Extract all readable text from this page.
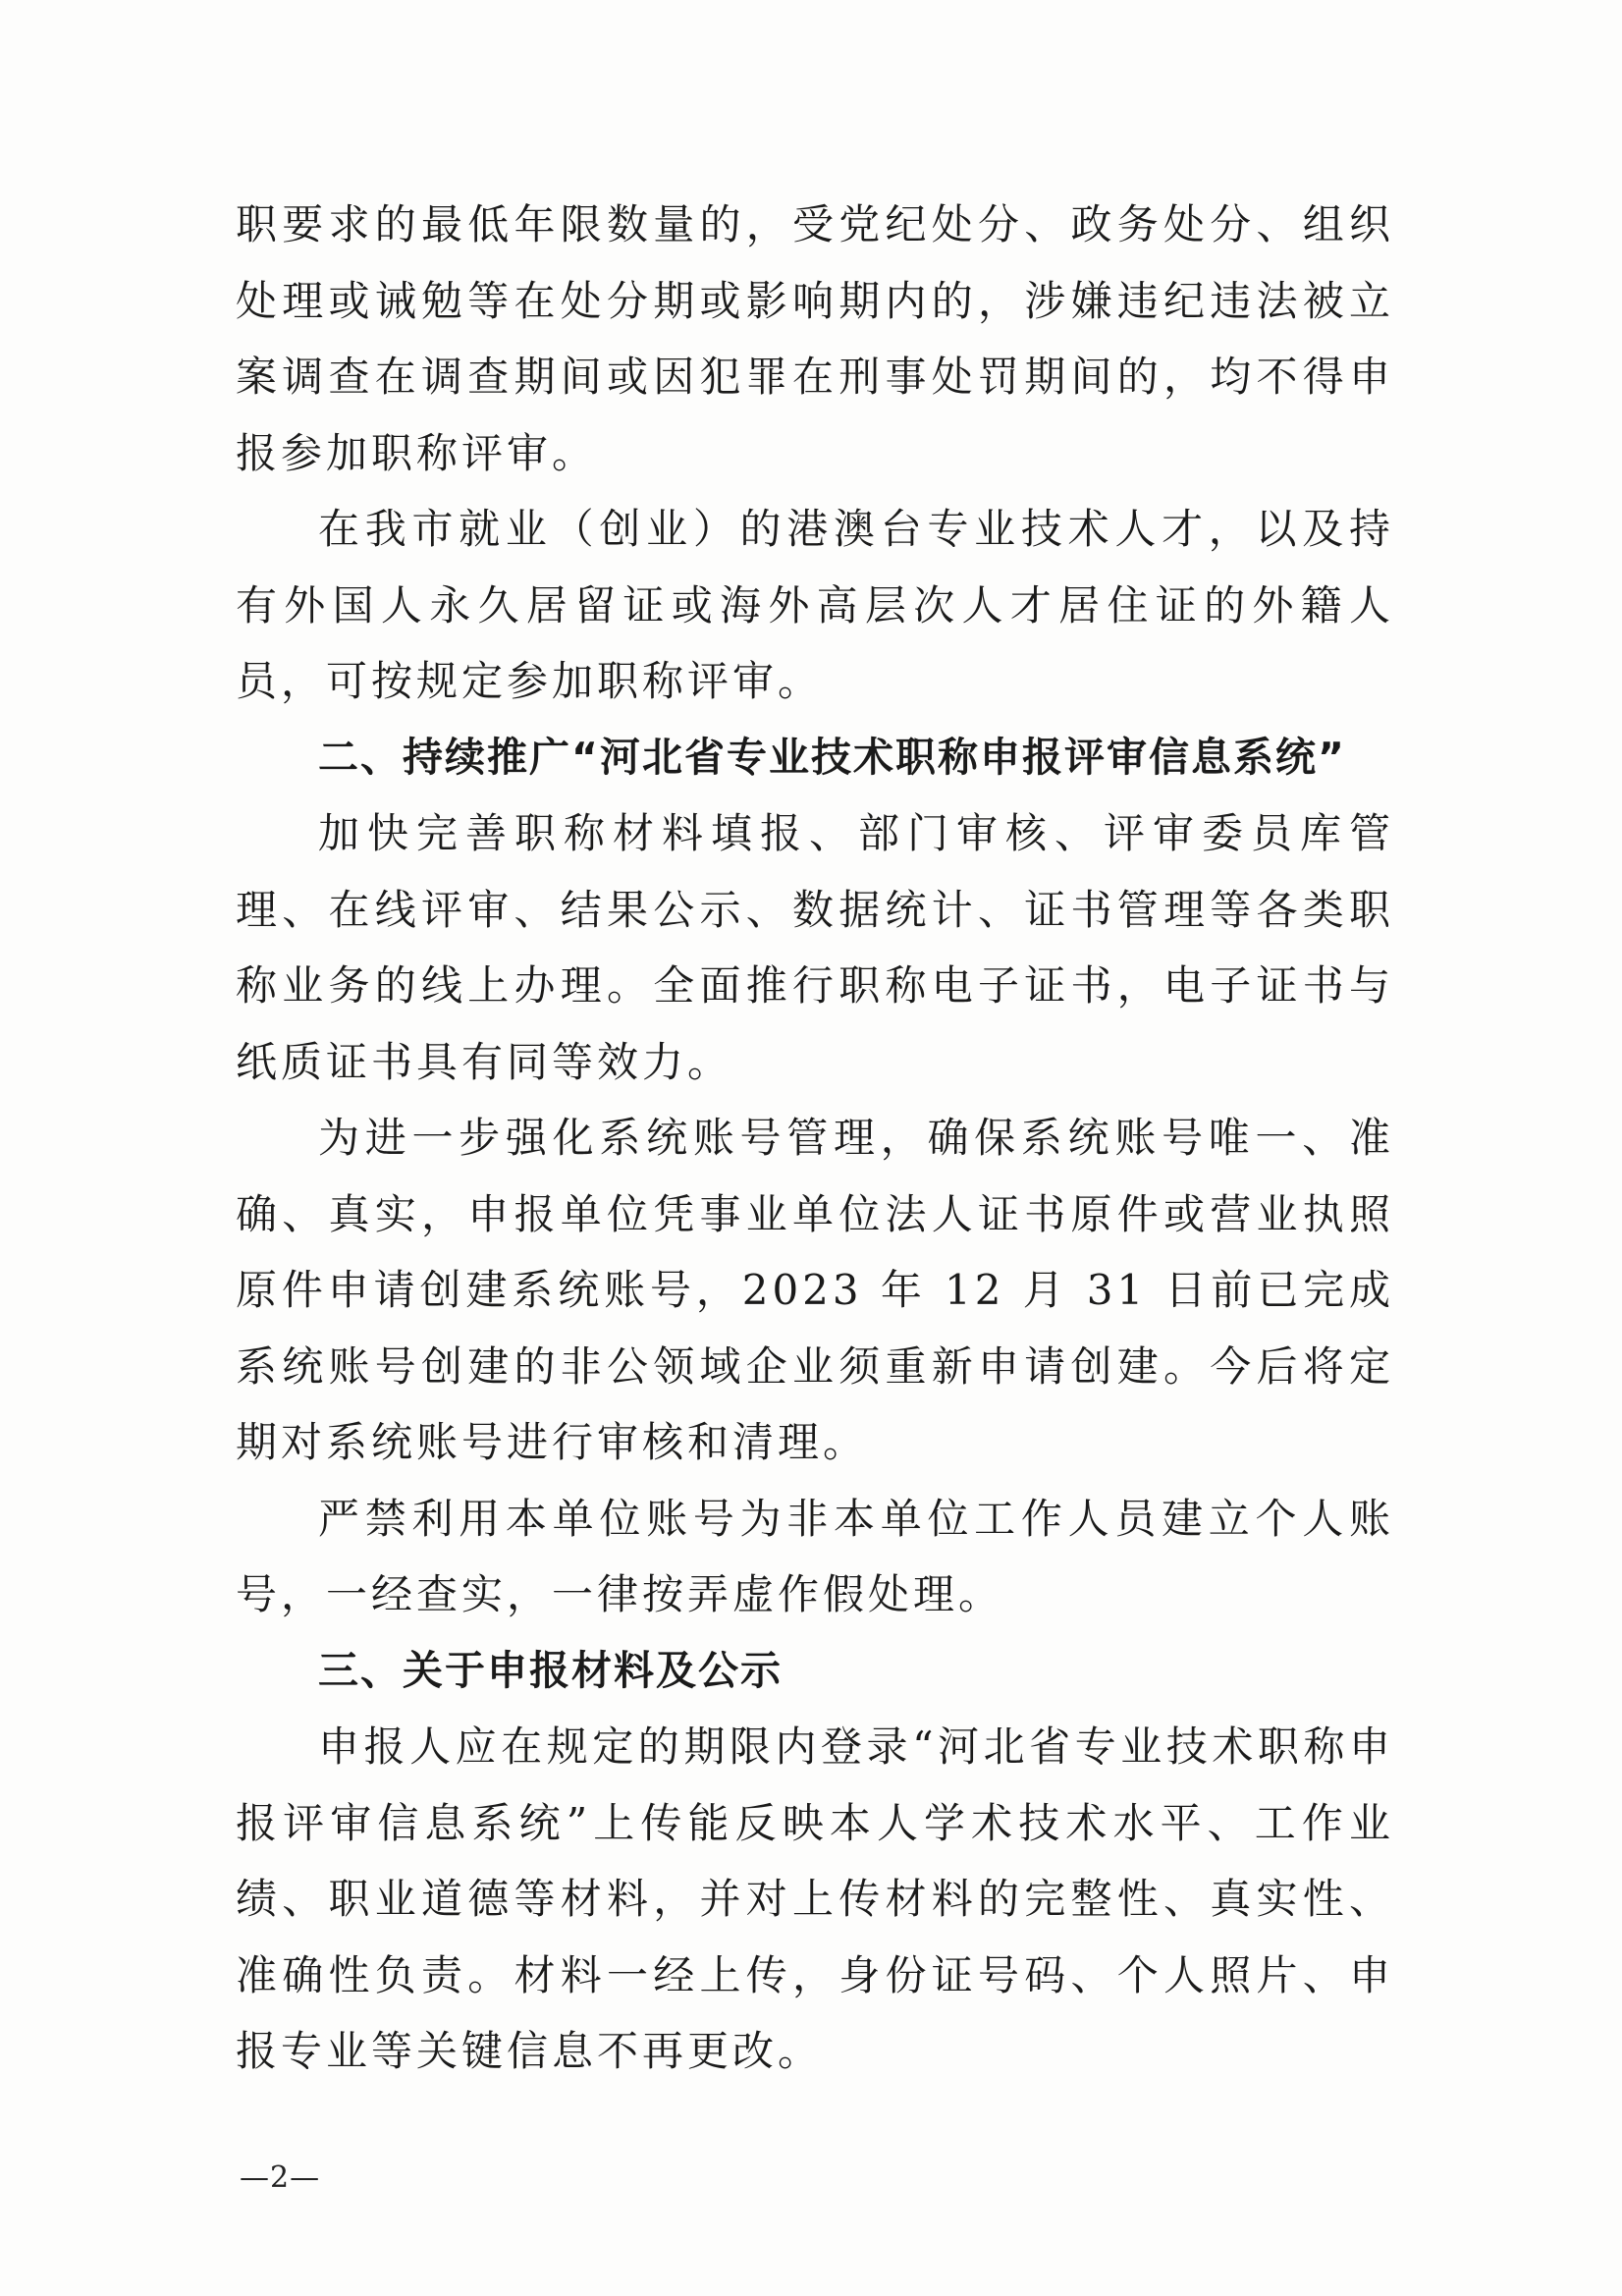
职要求的最低年限数量的，受党纪处分、政务处分、组织处理或诫勉等在处分期或影响期内的，涉嫌违纪违法被立案调查在调查期间或因犯罪在刑事处罚期间的，均不得申报参加职称评审。

在我市就业（创业）的港澳台专业技术人才，以及持有外国人永久居留证或海外高层次人才居住证的外籍人员，可按规定参加职称评审。

二、持续推广“河北省专业技术职称申报评审信息系统”

加快完善职称材料填报、部门审核、评审委员库管理、在线评审、结果公示、数据统计、证书管理等各类职称业务的线上办理。全面推行职称电子证书，电子证书与纸质证书具有同等效力。

为进一步强化系统账号管理，确保系统账号唯一、准确、真实，申报单位凭事业单位法人证书原件或营业执照原件申请创建系统账号，2023 年 12 月 31 日前已完成系统账号创建的非公领域企业须重新申请创建。今后将定期对系统账号进行审核和清理。

严禁利用本单位账号为非本单位工作人员建立个人账号，一经查实，一律按弄虚作假处理。

三、关于申报材料及公示

申报人应在规定的期限内登录“河北省专业技术职称申报评审信息系统”上传能反映本人学术技术水平、工作业绩、职业道德等材料，并对上传材料的完整性、真实性、准确性负责。材料一经上传，身份证号码、个人照片、申报专业等关键信息不再更改。

—2—
